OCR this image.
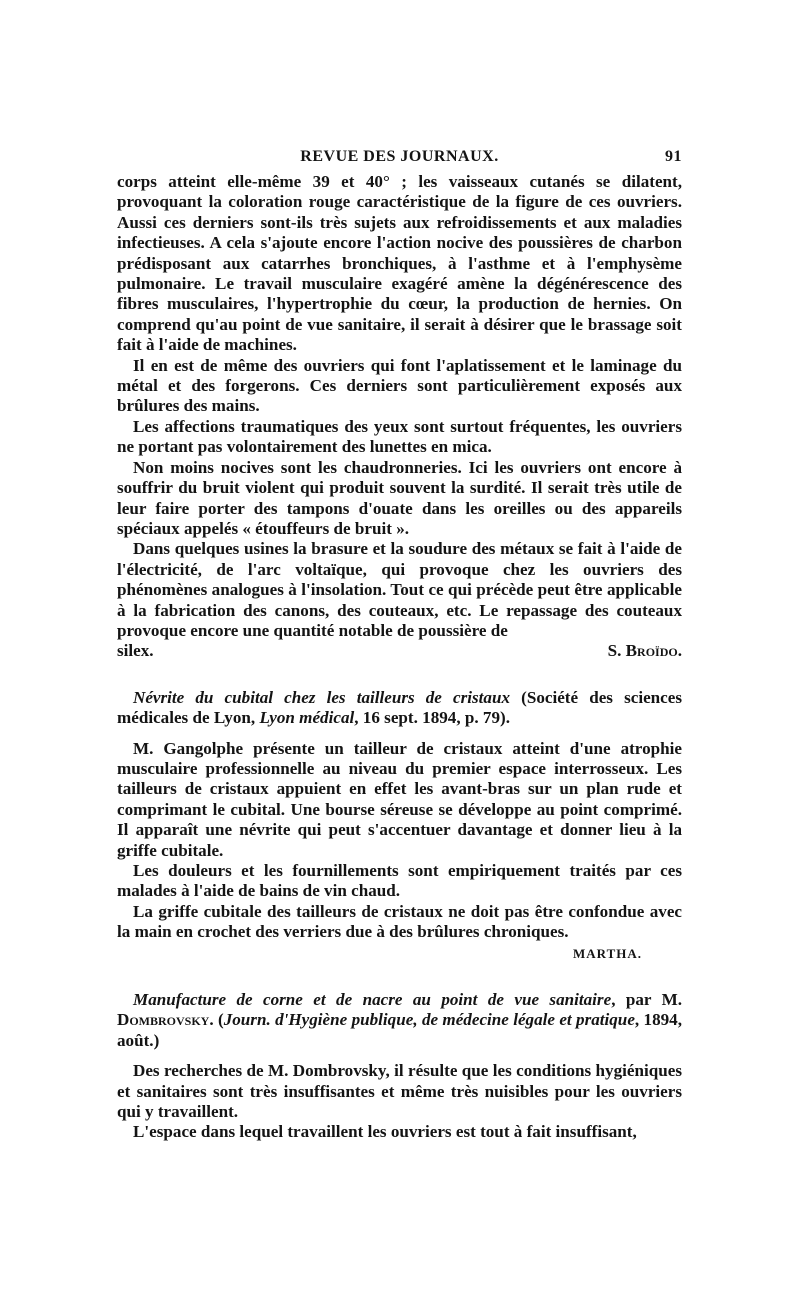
REVUE DES JOURNAUX.	91

corps atteint elle-même 39 et 40° ; les vaisseaux cutanés se dilatent, provoquant la coloration rouge caractéristique de la figure de ces ouvriers. Aussi ces derniers sont-ils très sujets aux refroidissements et aux maladies infectieuses. A cela s'ajoute encore l'action nocive des poussières de charbon prédisposant aux catarrhes bronchiques, à l'asthme et à l'emphysème pulmonaire. Le travail musculaire exagéré amène la dégénérescence des fibres musculaires, l'hypertrophie du cœur, la production de hernies. On comprend qu'au point de vue sanitaire, il serait à désirer que le brassage soit fait à l'aide de machines.

Il en est de même des ouvriers qui font l'aplatissement et le laminage du métal et des forgerons. Ces derniers sont particulièrement exposés aux brûlures des mains.

Les affections traumatiques des yeux sont surtout fréquentes, les ouvriers ne portant pas volontairement des lunettes en mica.

Non moins nocives sont les chaudronneries. Ici les ouvriers ont encore à souffrir du bruit violent qui produit souvent la surdité. Il serait très utile de leur faire porter des tampons d'ouate dans les oreilles ou des appareils spéciaux appelés « étouffeurs de bruit ».

Dans quelques usines la brasure et la soudure des métaux se fait à l'aide de l'électricité, de l'arc voltaïque, qui provoque chez les ouvriers des phénomènes analogues à l'insolation. Tout ce qui précède peut être applicable à la fabrication des canons, des couteaux, etc. Le repassage des couteaux provoque encore une quantité notable de poussière de

silex.	S. Broïdo.

Névrite du cubital chez les tailleurs de cristaux (Société des sciences médicales de Lyon, Lyon médical, 16 sept. 1894, p. 79).

M. Gangolphe présente un tailleur de cristaux atteint d'une atrophie musculaire professionnelle au niveau du premier espace interrosseux. Les tailleurs de cristaux appuient en effet les avant-bras sur un plan rude et comprimant le cubital. Une bourse séreuse se développe au point comprimé. Il apparaît une névrite qui peut s'accentuer davantage et donner lieu à la griffe cubitale.

Les douleurs et les fournillements sont empiriquement traités par ces malades à l'aide de bains de vin chaud.

La griffe cubitale des tailleurs de cristaux ne doit pas être confondue avec la main en crochet des verriers due à des brûlures chroniques.

MARTHA.

Manufacture de corne et de nacre au point de vue sanitaire, par M. Dombrovsky. (Journ. d'Hygiène publique, de médecine légale et pratique, 1894, août.)

Des recherches de M. Dombrovsky, il résulte que les conditions hygiéniques et sanitaires sont très insuffisantes et même très nuisibles pour les ouvriers qui y travaillent.

L'espace dans lequel travaillent les ouvriers est tout à fait insuffisant,
